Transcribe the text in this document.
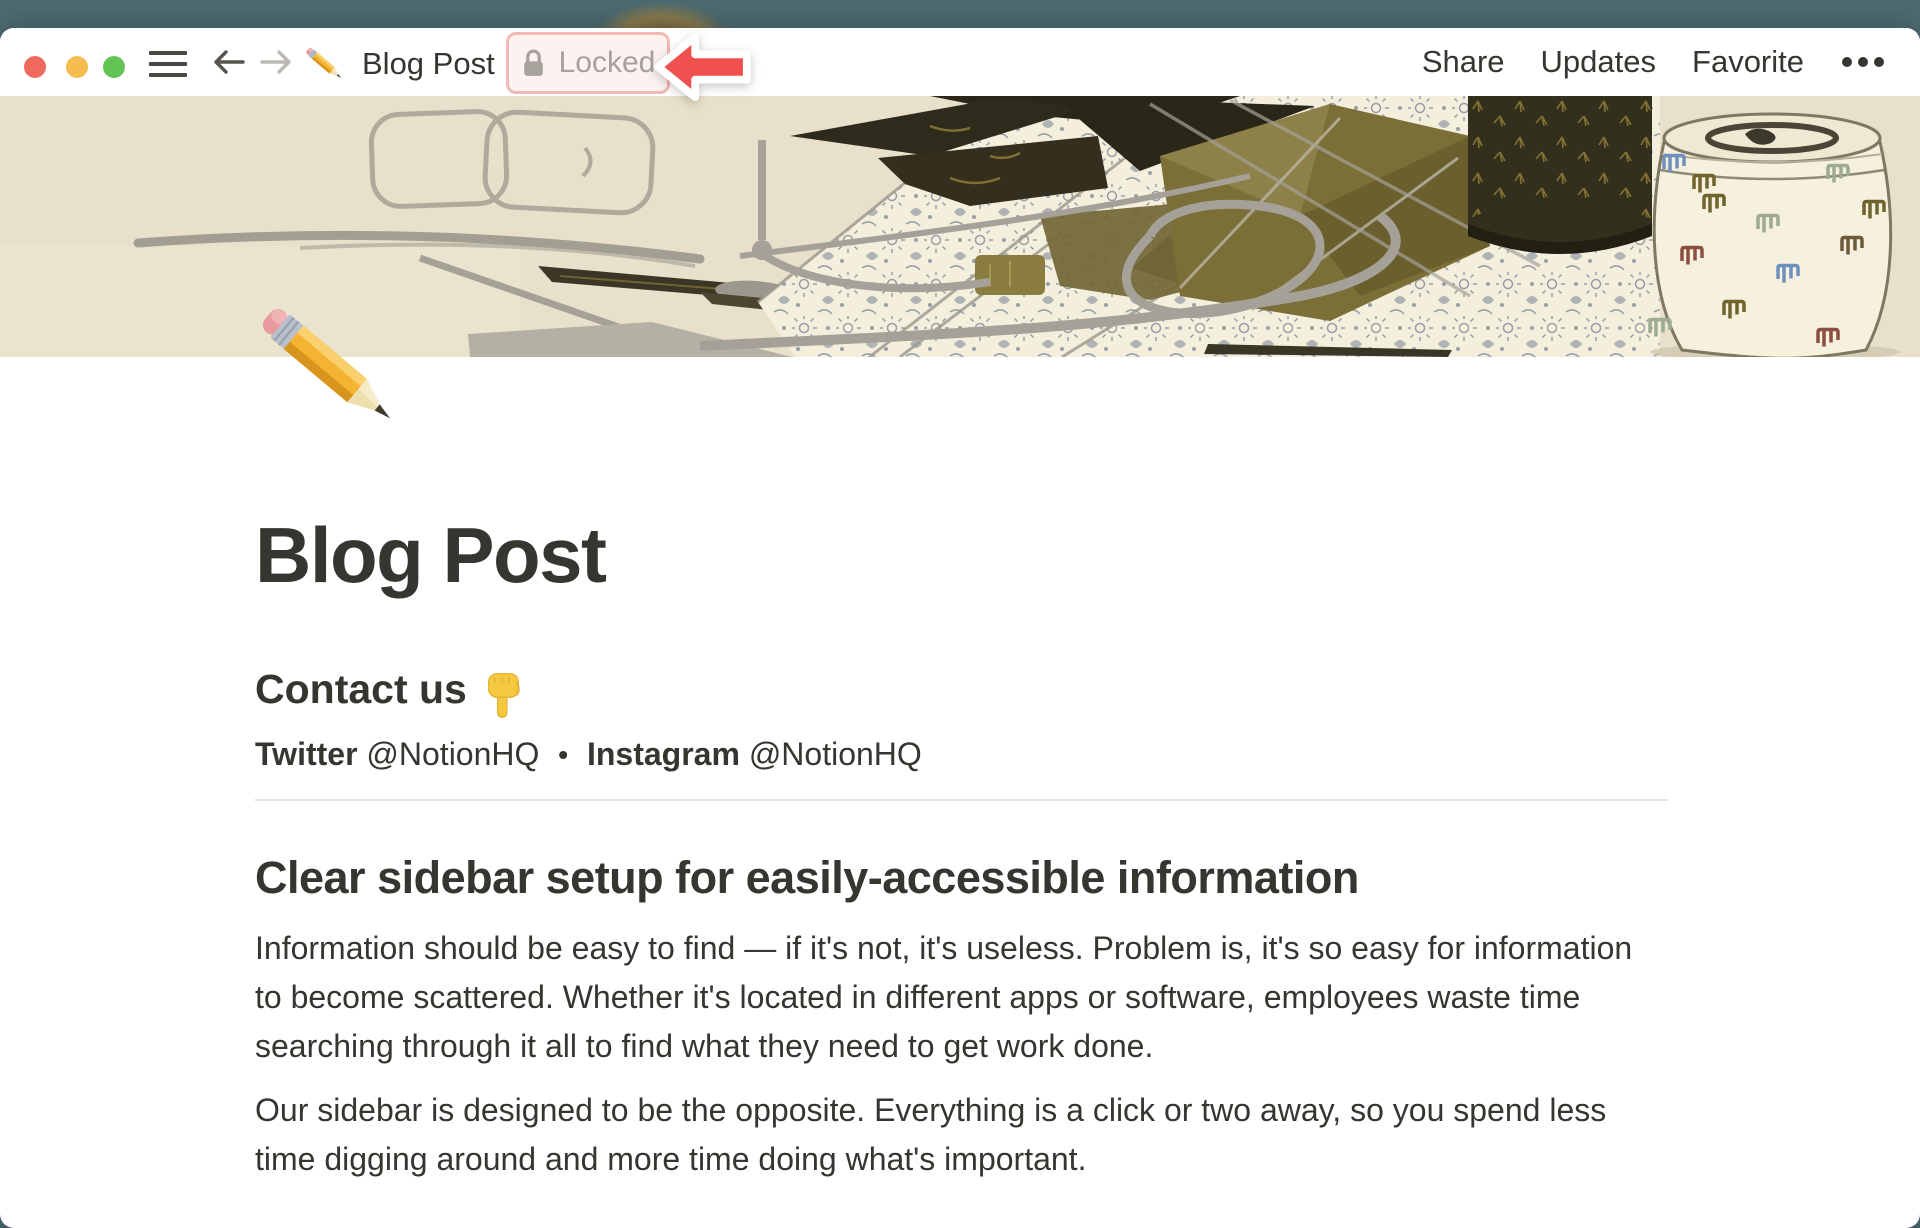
Blog Post Locked	Share Updates Favorite
Blog Post
Contact us
Twitter @NotionHQ • Instagram @NotionHQ
Clear sidebar setup for easily-accessible information

Information should be easy to find — if it's not, it's useless. Problem is, it's so easy for information to become scattered. Whether it's located in different apps or software, employees waste time searching through it all to find what they need to get work done.

Our sidebar is designed to be the opposite. Everything is a click or two away, so you spend less time digging around and more time doing what's important.
